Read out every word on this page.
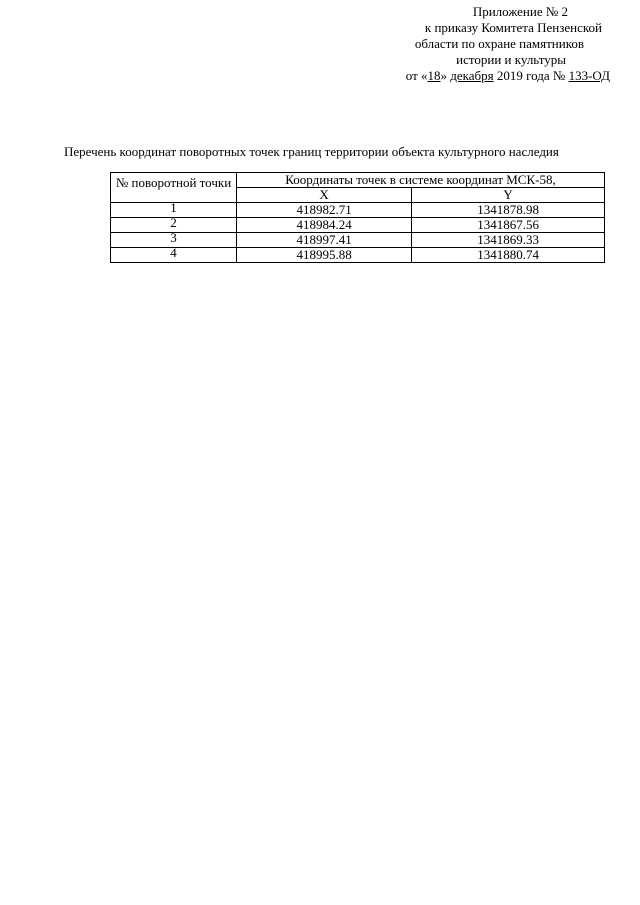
Приложение № 2
к приказу Комитета Пензенской
области по охране памятников
истории и культуры
от «18» декабря 2019 года № 133-ОД
Перечень координат поворотных точек границ территории объекта культурного наследия
№ поворотной точки	Координаты точек в системе координат МСК-58,	
	X	Y
1	418982.71	1341878.98
2	418984.24	1341867.56
3	418997.41	1341869.33
4	418995.88	1341880.74
